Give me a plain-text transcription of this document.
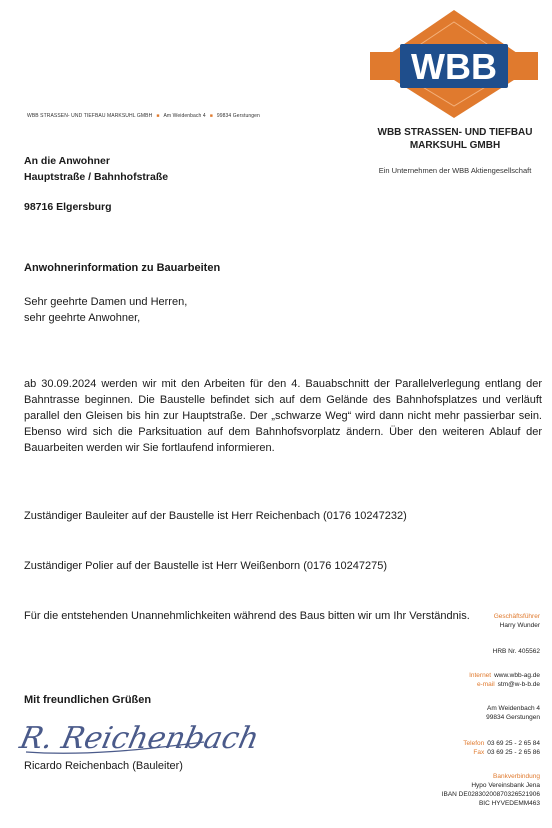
WBB STRASSEN- UND TIEFBAU MARKSUHL GMBH ■ Am Weidenbach 4 ■ 99834 Gerstungen
An die Anwohner
Hauptstraße / Bahnhofstraße
98716 Elgersburg
WBB
WBB STRASSEN- UND TIEFBAU
MARKSUHL GMBH
Ein Unternehmen der WBB Aktiengesellschaft
Anwohnerinformation zu Bauarbeiten
Sehr geehrte Damen und Herren,
sehr geehrte Anwohner,
ab 30.09.2024 werden wir mit den Arbeiten für den 4. Bauabschnitt der Parallelverlegung entlang der Bahntrasse beginnen. Die Baustelle befindet sich auf dem Gelände des Bahnhofsplatzes und verläuft parallel den Gleisen bis hin zur Hauptstraße. Der „schwarze Weg“ wird dann nicht mehr passierbar sein. Ebenso wird sich die Parksituation auf dem Bahnhofsvorplatz ändern. Über den weiteren Ablauf der Bauarbeiten werden wir Sie fortlaufend informieren.
Zuständiger Bauleiter auf der Baustelle ist Herr Reichenbach (0176 10247232)
Zuständiger Polier auf der Baustelle ist Herr Weißenborn (0176 10247275)
Für die entstehenden Unannehmlichkeiten während des Baus bitten wir um Ihr Verständnis.
Mit freundlichen Grüßen
R. Reichenbach
Ricardo Reichenbach (Bauleiter)
Geschäftsführer
Harry Wunder
HRB Nr. 405562
Internet www.wbb-ag.de
e-mail stm@w-b-b.de
Am Weidenbach 4
99834 Gerstungen
Telefon 03 69 25 - 2 65 84
Fax 03 69 25 - 2 65 86
Bankverbindung
Hypo Vereinsbank Jena
IBAN DE02830200870326521906
BIC HYVEDEMM463
